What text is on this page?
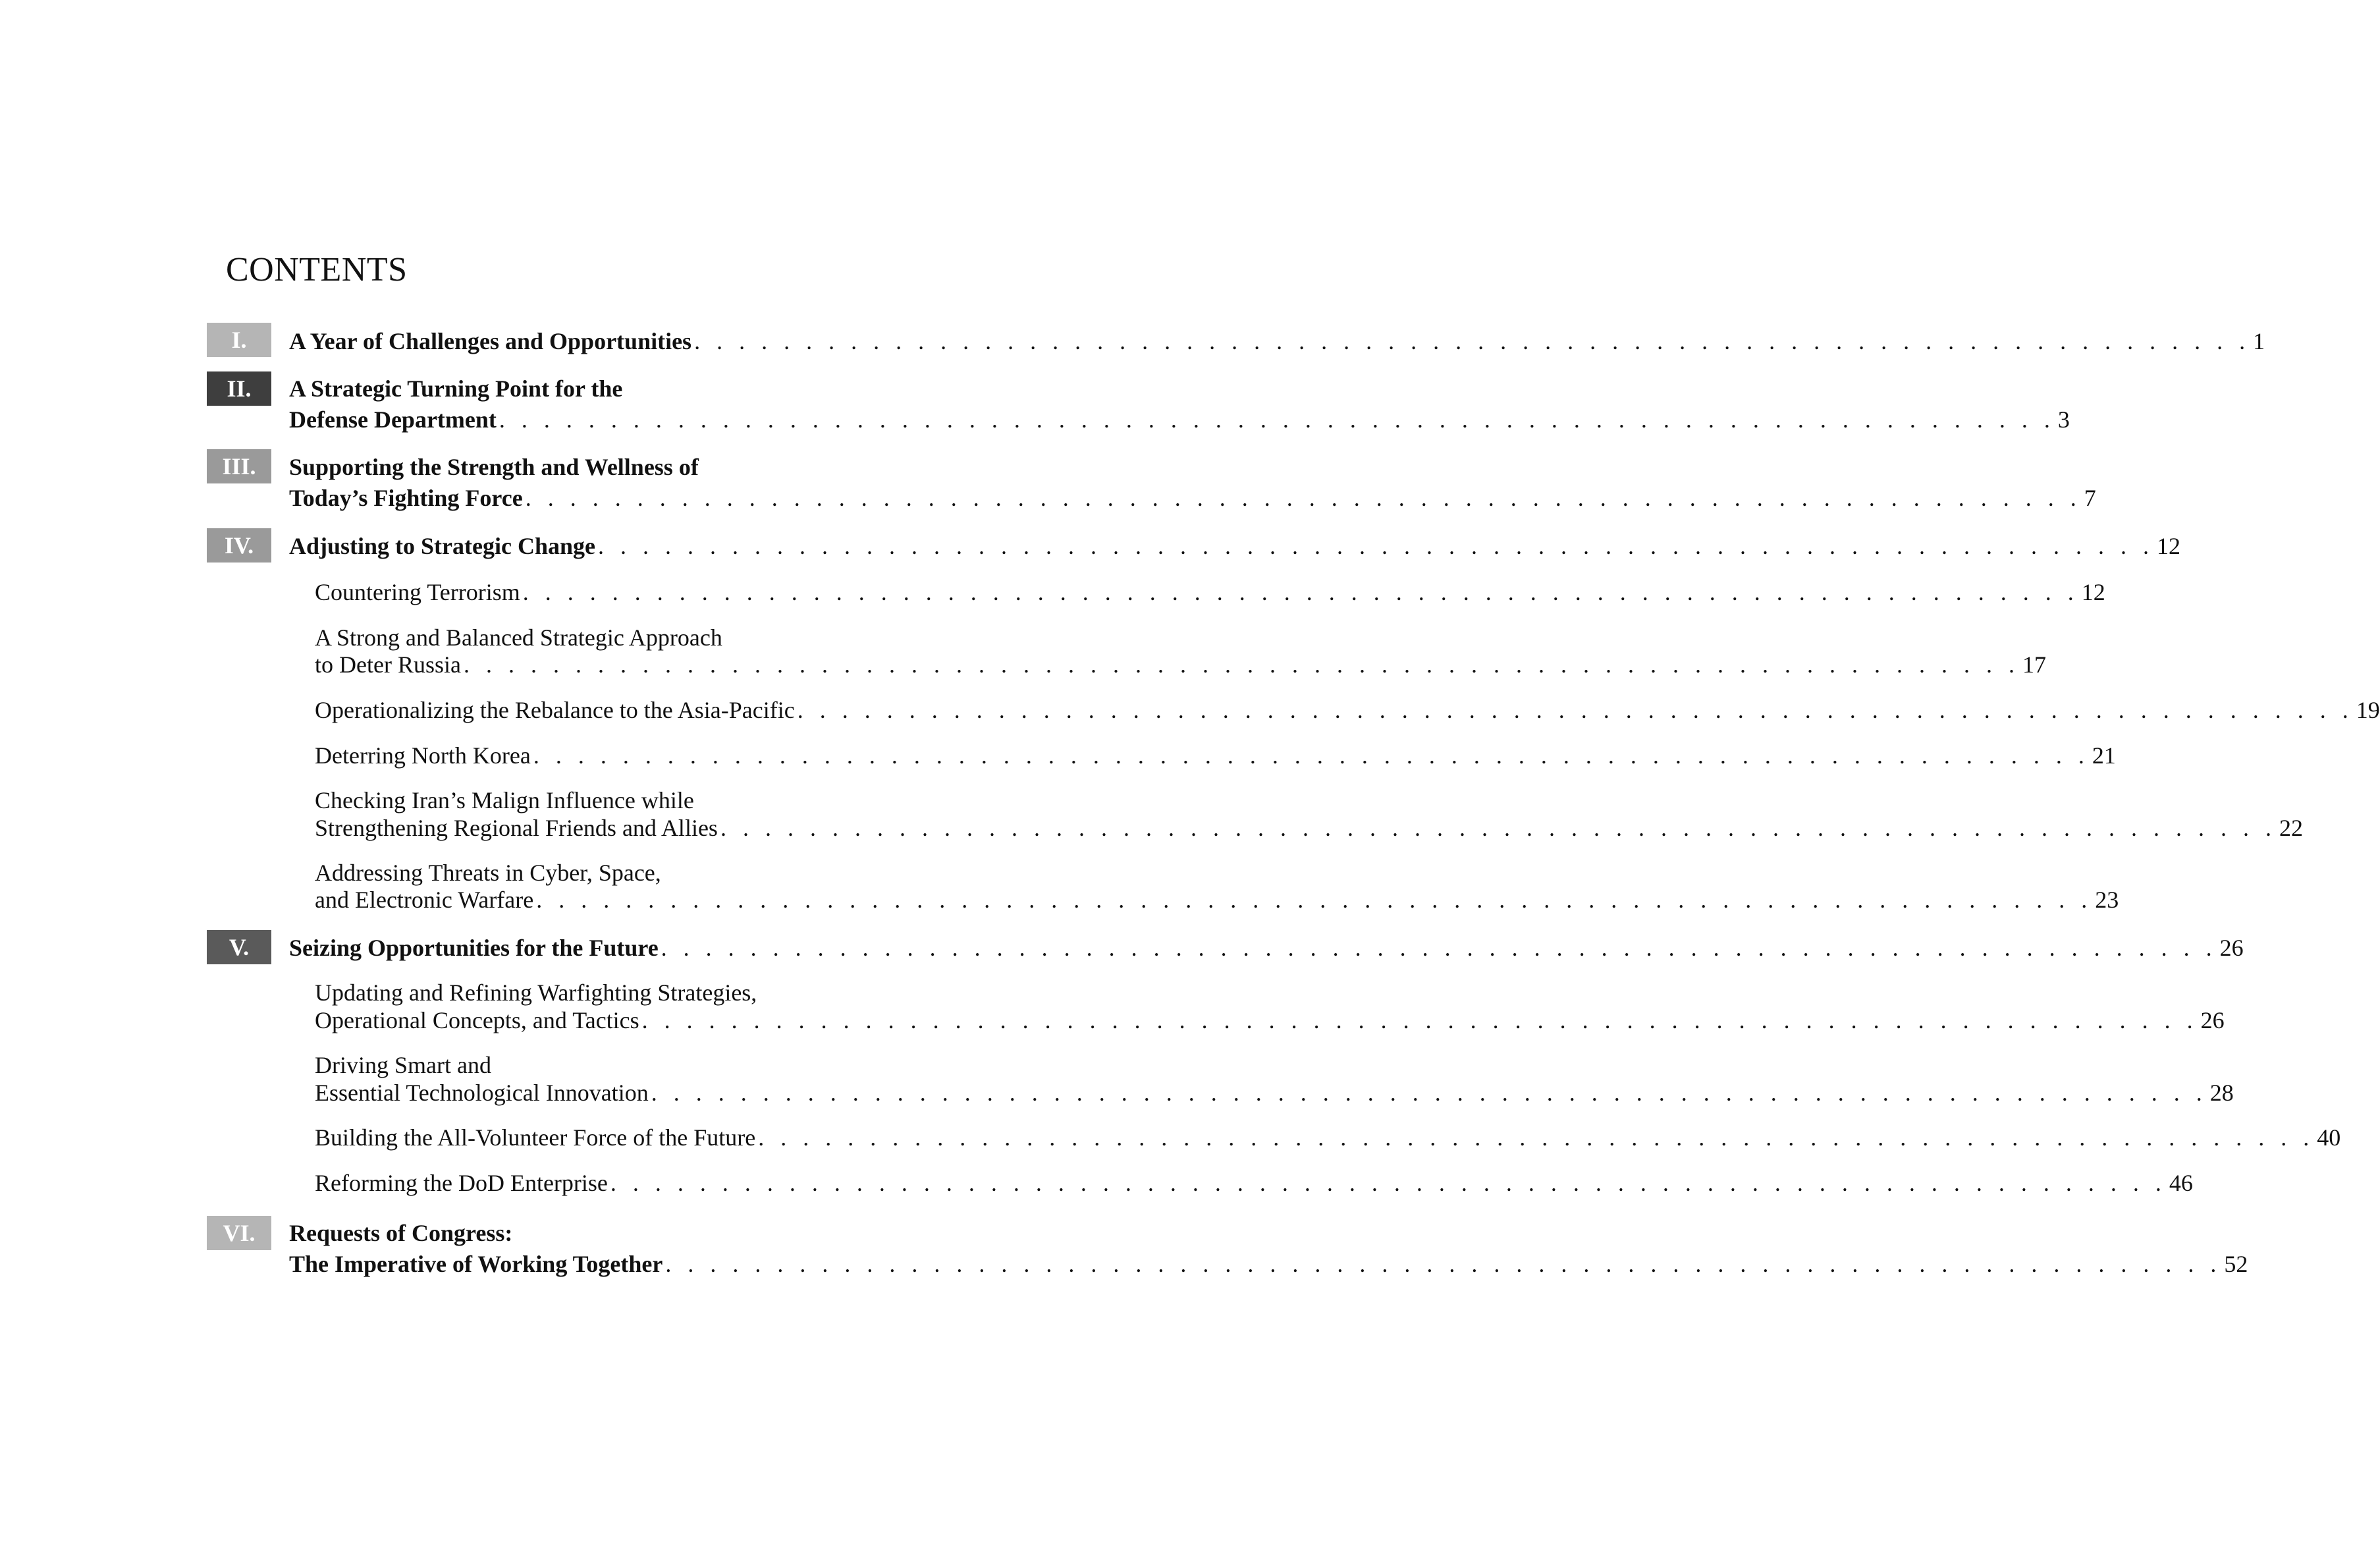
CONTENTS
I.	A Year of Challenges and Opportunities . . . . . . . . . . . . . . . . . . . . . . . . . . . . . . . . . . . . . . . . . . . . . . . . . . . . . . . . . . . . . . . . . . . . . . 1
II.	A Strategic Turning Point for the
Defense Department . . . . . . . . . . . . . . . . . . . . . . . . . . . . . . . . . . . . . . . . . . . . . . . . . . . . . . . . . . . . . . . . . . . . . . 3
III.	Supporting the Strength and Wellness of
Today’s Fighting Force . . . . . . . . . . . . . . . . . . . . . . . . . . . . . . . . . . . . . . . . . . . . . . . . . . . . . . . . . . . . . . . . . . . . . . 7
IV.	Adjusting to Strategic Change . . . . . . . . . . . . . . . . . . . . . . . . . . . . . . . . . . . . . . . . . . . . . . . . . . . . . . . . . . . . . . . . . . . . . . 12
Countering Terrorism . . . . . . . . . . . . . . . . . . . . . . . . . . . . . . . . . . . . . . . . . . . . . . . . . . . . . . . . . . . . . . . . . . . . . . 12
A Strong and Balanced Strategic Approach
to Deter Russia . . . . . . . . . . . . . . . . . . . . . . . . . . . . . . . . . . . . . . . . . . . . . . . . . . . . . . . . . . . . . . . . . . . . . . 17
Operationalizing the Rebalance to the Asia-Pacific . . . . . . . . . . . . . . . . . . . . . . . . . . . . . . . . . . . . . . . . . . . . . . . . . . . . . . . . . . . . . . . . . . . . . . 19
Deterring North Korea . . . . . . . . . . . . . . . . . . . . . . . . . . . . . . . . . . . . . . . . . . . . . . . . . . . . . . . . . . . . . . . . . . . . . . 21
Checking Iran’s Malign Influence while
Strengthening Regional Friends and Allies . . . . . . . . . . . . . . . . . . . . . . . . . . . . . . . . . . . . . . . . . . . . . . . . . . . . . . . . . . . . . . . . . . . . . . 22
Addressing Threats in Cyber, Space,
and Electronic Warfare . . . . . . . . . . . . . . . . . . . . . . . . . . . . . . . . . . . . . . . . . . . . . . . . . . . . . . . . . . . . . . . . . . . . . . 23
V.	Seizing Opportunities for the Future . . . . . . . . . . . . . . . . . . . . . . . . . . . . . . . . . . . . . . . . . . . . . . . . . . . . . . . . . . . . . . . . . . . . . . 26
Updating and Refining Warfighting Strategies,
Operational Concepts, and Tactics . . . . . . . . . . . . . . . . . . . . . . . . . . . . . . . . . . . . . . . . . . . . . . . . . . . . . . . . . . . . . . . . . . . . . . 26
Driving Smart and
Essential Technological Innovation . . . . . . . . . . . . . . . . . . . . . . . . . . . . . . . . . . . . . . . . . . . . . . . . . . . . . . . . . . . . . . . . . . . . . . 28
Building the All-Volunteer Force of the Future . . . . . . . . . . . . . . . . . . . . . . . . . . . . . . . . . . . . . . . . . . . . . . . . . . . . . . . . . . . . . . . . . . . . . . 40
Reforming the DoD Enterprise . . . . . . . . . . . . . . . . . . . . . . . . . . . . . . . . . . . . . . . . . . . . . . . . . . . . . . . . . . . . . . . . . . . . . . 46
VI.	Requests of Congress:
The Imperative of Working Together . . . . . . . . . . . . . . . . . . . . . . . . . . . . . . . . . . . . . . . . . . . . . . . . . . . . . . . . . . . . . . . . . . . . . . 52
